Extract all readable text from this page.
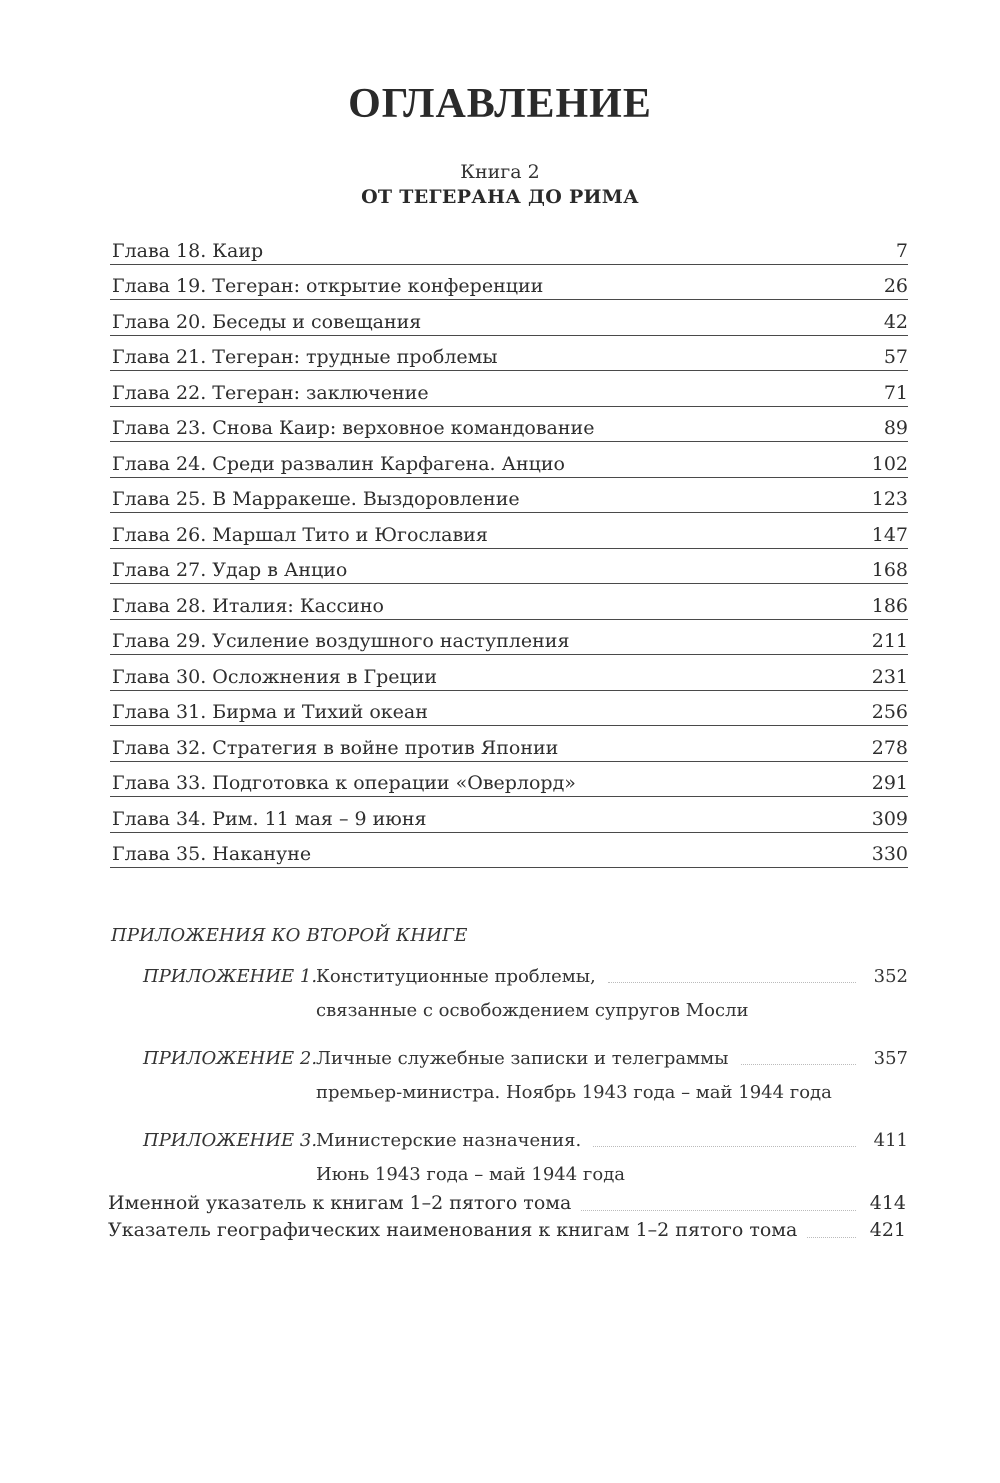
ОГЛАВЛЕНИЕ
Книга 2
ОТ ТЕГЕРАНА ДО РИМА
Глава 18. Каир	7
Глава 19. Тегеран: открытие конференции	26
Глава 20. Беседы и совещания	42
Глава 21. Тегеран: трудные проблемы	57
Глава 22. Тегеран: заключение	71
Глава 23. Снова Каир: верховное командование	89
Глава 24. Среди развалин Карфагена. Анцио	102
Глава 25. В Марракеше. Выздоровление	123
Глава 26. Маршал Тито и Югославия	147
Глава 27. Удар в Анцио	168
Глава 28. Италия: Кассино	186
Глава 29. Усиление воздушного наступления	211
Глава 30. Осложнения в Греции	231
Глава 31. Бирма и Тихий океан	256
Глава 32. Стратегия в войне против Японии	278
Глава 33. Подготовка к операции «Оверлорд»	291
Глава 34. Рим. 11 мая – 9 июня	309
Глава 35. Накануне	330
ПРИЛОЖЕНИЯ КО ВТОРОЙ КНИГЕ
ПРИЛОЖЕНИЕ 1.
Конституционные проблемы,	352
связанные с освобождением супругов Мосли
ПРИЛОЖЕНИЕ 2.
Личные служебные записки и телеграммы	357
премьер-министра. Ноябрь 1943 года – май 1944 года
ПРИЛОЖЕНИЕ 3.
Министерские назначения.	411
Июнь 1943 года – май 1944 года
Именной указатель к книгам 1–2 пятого тома	414
Указатель географических наименования к книгам 1–2 пятого тома	421
